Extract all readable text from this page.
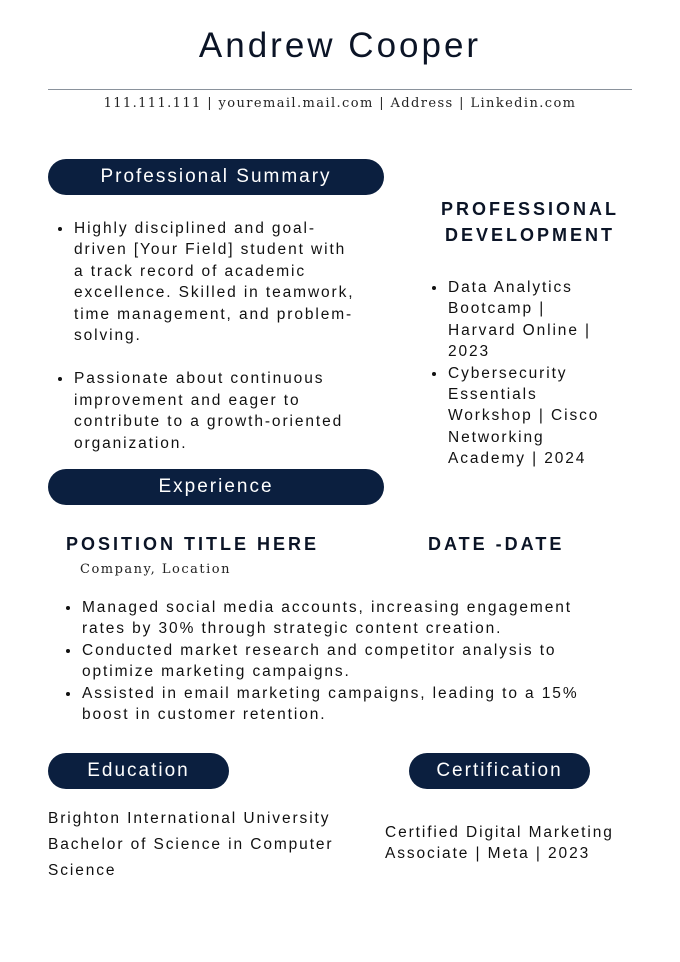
Andrew Cooper
111.111.111 | youremail.mail.com | Address | Linkedin.com
Professional Summary
Highly disciplined and goal-
driven [Your Field] student with
a track record of academic
excellence. Skilled in teamwork,
time management, and problem-
solving.
Passionate about continuous
improvement and eager to
contribute to a growth-oriented
organization.
PROFESSIONAL
DEVELOPMENT
Data Analytics
Bootcamp |
Harvard Online |
2023
Cybersecurity
Essentials
Workshop | Cisco
Networking
Academy | 2024
Experience
POSITION TITLE HERE	DATE -DATE
Company, Location
Managed social media accounts, increasing engagement
rates by 30% through strategic content creation.
Conducted market research and competitor analysis to
optimize marketing campaigns.
Assisted in email marketing campaigns, leading to a 15%
boost in customer retention.
Education
Brighton International University
Bachelor of Science in Computer
Science
Certification
Certified Digital Marketing
Associate | Meta | 2023
